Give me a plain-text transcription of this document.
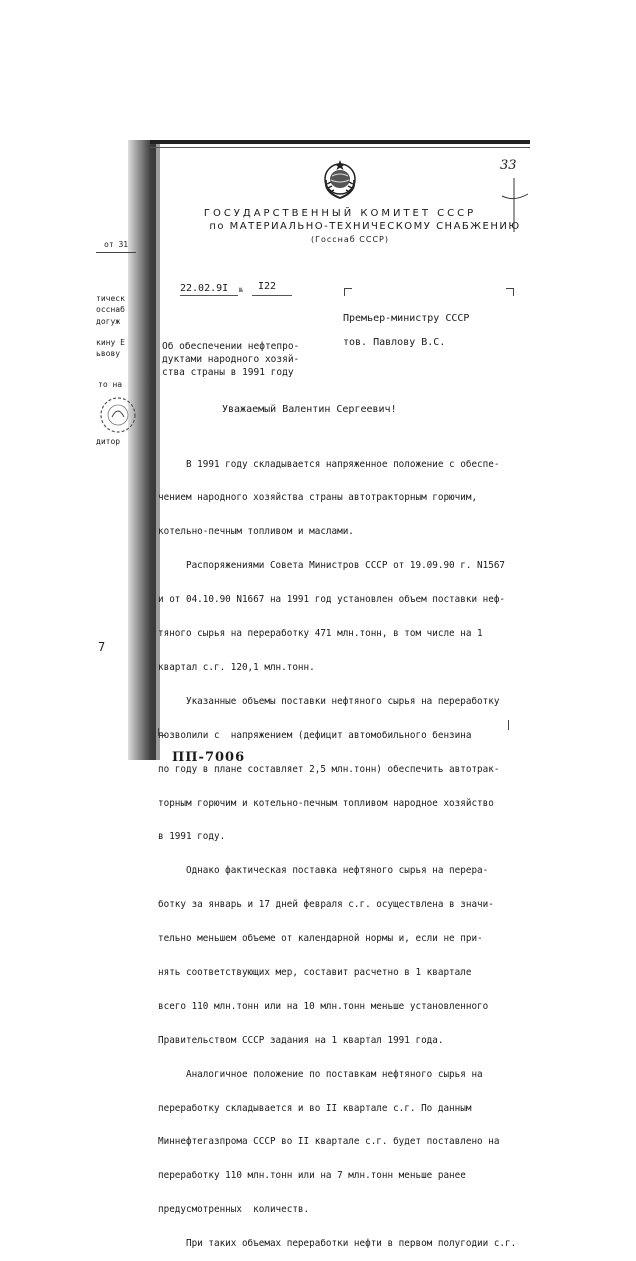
от 31
тическ
осснаб
догуж
кину Е
ьвову
то на
дитор
7
ГОСУДАРСТВЕННЫЙ КОМИТЕТ СССР
по МАТЕРИАЛЬНО-ТЕХНИЧЕСКОМУ СНАБЖЕНИЮ
(Госснаб СССР)
33
22.02.9I № I22
Премьер-министру СССР
тов. Павлову В.С.
Об обеспечении нефтепро-
дуктами народного хозяй-
ства страны в 1991 году
Уважаемый Валентин Сергеевич!

В 1991 году складывается напряженное положение с обеспе-

чением народного хозяйства страны автотракторным горючим,

котельно-печным топливом и маслами.

Распоряжениями Совета Министров СССР от 19.09.90 г. N1567

и от 04.10.90 N1667 на 1991 год установлен объем поставки неф-

тяного сырья на переработку 471 млн.тонн, в том числе на 1

квартал с.г. 120,1 млн.тонн.

Указанные объемы поставки нефтяного сырья на переработку

позволили с  напряжением (дефицит автомобильного бензина

по году в плане составляет 2,5 млн.тонн) обеспечить автотрак-

торным горючим и котельно-печным топливом народное хозяйство

в 1991 году.

Однако фактическая поставка нефтяного сырья на перера-

ботку за январь и 17 дней февраля с.г. осуществлена в значи-

тельно меньшем объеме от календарной нормы и, если не при-

нять соответствующих мер, составит расчетно в 1 квартале

всего 110 млн.тонн или на 10 млн.тонн меньше установленного

Правительством СССР задания на 1 квартал 1991 года.

Аналогичное положение по поставкам нефтяного сырья на

переработку складывается и во II квартале с.г. По данным

Миннефтегазпрома СССР во II квартале с.г. будет поставлено на

переработку 110 млн.тонн или на 7 млн.тонн меньше ранее

предусмотренных  количеств.

При таких объемах переработки нефти в первом полугодии с.г.

ПП-7006
